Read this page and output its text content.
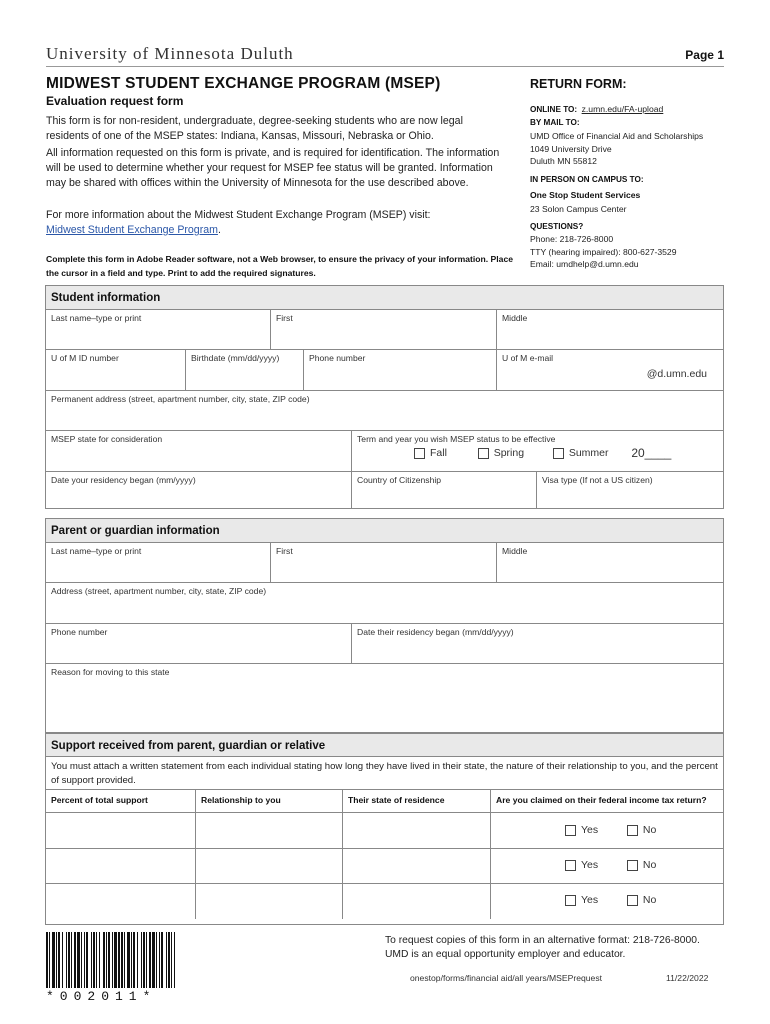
University of Minnesota Duluth	Page 1
MIDWEST STUDENT EXCHANGE PROGRAM (MSEP)
Evaluation request form
This form is for non-resident, undergraduate, degree-seeking students who are now legal residents of one of the MSEP states: Indiana, Kansas, Missouri, Nebraska or Ohio.
All information requested on this form is private, and is required for identification. The information will be used to determine whether your request for MSEP fee status will be granted. Information may be shared with offices within the University of Minnesota for the use described above.
For more information about the Midwest Student Exchange Program (MSEP) visit:
Midwest Student Exchange Program.
Complete this form in Adobe Reader software, not a Web browser, to ensure the privacy of your information. Place the cursor in a field and type. Print to add the required signatures.
RETURN FORM:
ONLINE TO: z.umn.edu/FA-upload
BY MAIL TO:
UMD Office of Financial Aid and Scholarships
1049 University Drive
Duluth MN 55812
IN PERSON ON CAMPUS TO:
One Stop Student Services
23 Solon Campus Center
QUESTIONS?
Phone: 218-726-8000
TTY (hearing impaired): 800-627-3529
Email: umdhelp@d.umn.edu
Student information
Last name–type or print	First	Middle
U of M ID number	Birthdate (mm/dd/yyyy)	Phone number	U of M e-mail
@d.umn.edu
Permanent address (street, apartment number, city, state, ZIP code)
MSEP state for consideration	Term and year you wish MSEP status to be effective
Fall	Spring	Summer 20____
Date your residency began (mm/yyyy)	Country of Citizenship	Visa type (If not a US citizen)
Parent or guardian information
Last name–type or print	First	Middle
Address (street, apartment number, city, state, ZIP code)
Phone number	Date their residency began (mm/dd/yyyy)
Reason for moving to this state
Support received from parent, guardian or relative
You must attach a written statement from each individual stating how long they have lived in their state, the nature of their relationship to you, and the percent of support provided.
Percent of total support	Relationship to you	Their state of residence	Are you claimed on their federal income tax return?
Yes	No
Yes	No
Yes	No
*002011*
To request copies of this form in an alternative format: 218-726-8000.
UMD is an equal opportunity employer and educator.
onestop/forms/financial aid/all years/MSEPrequest	11/22/2022
